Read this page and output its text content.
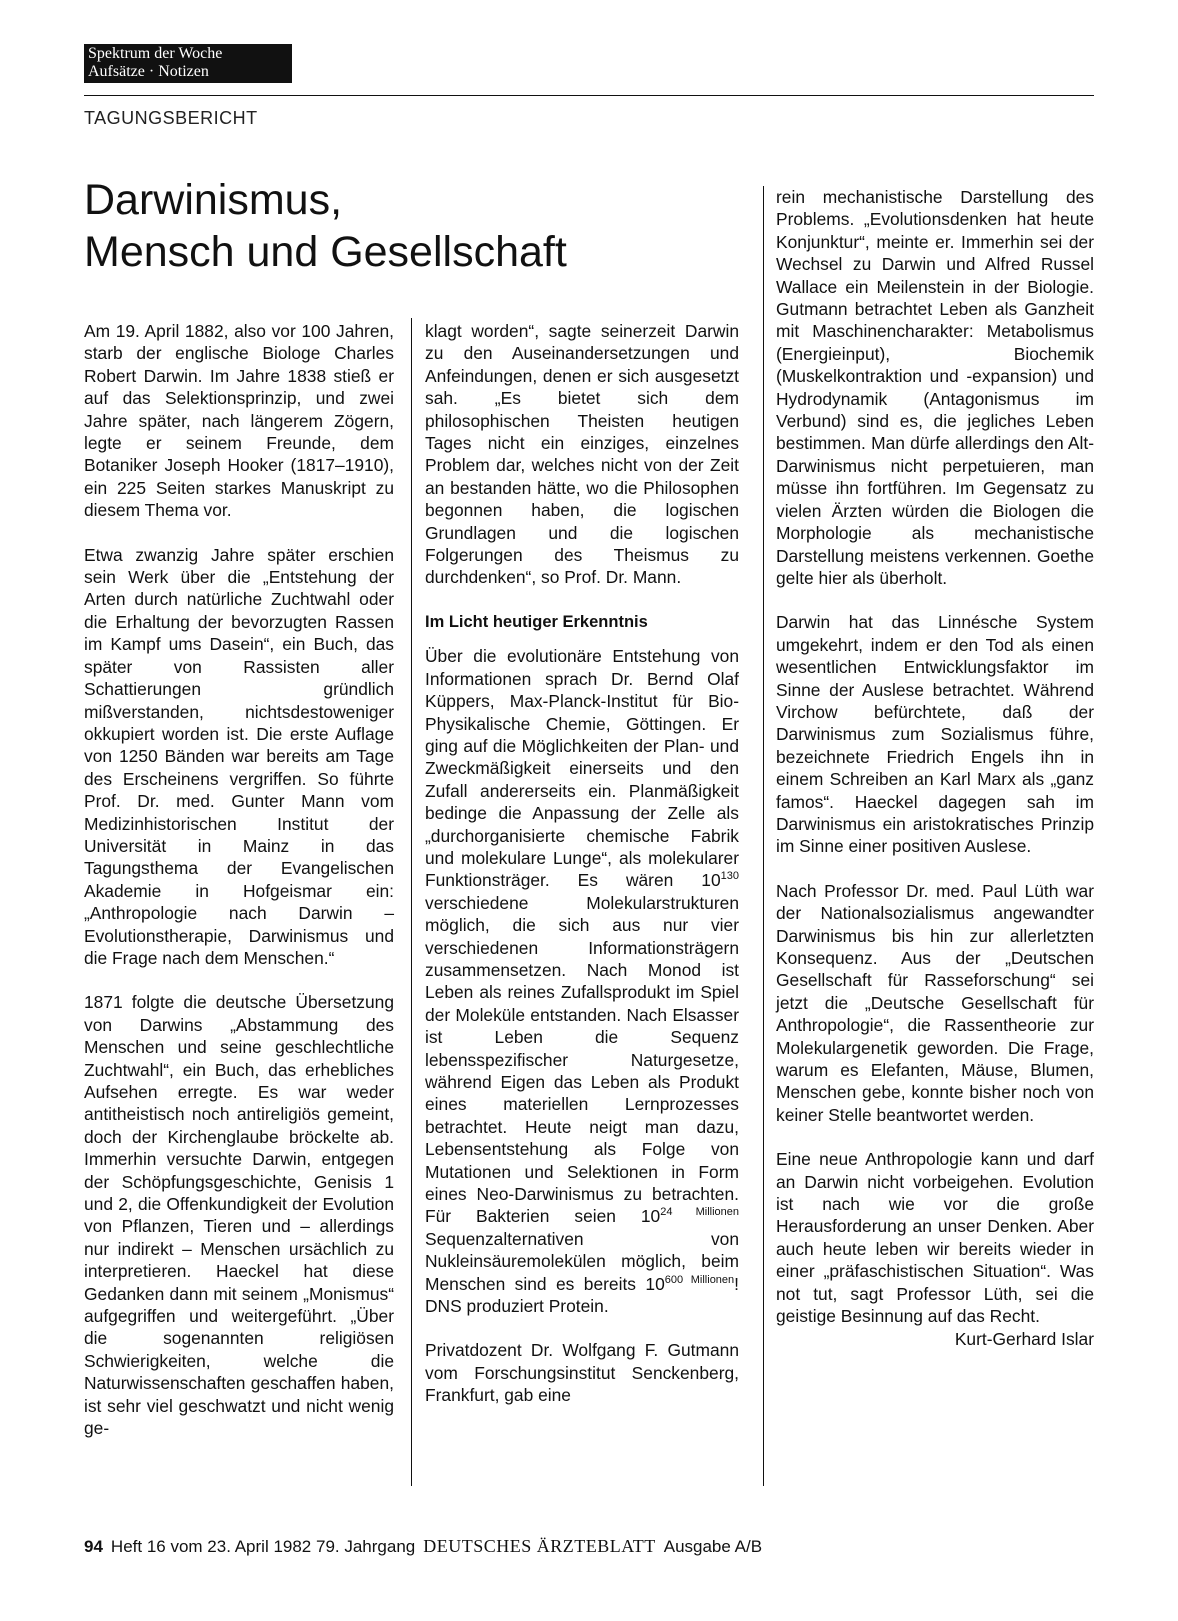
Spektrum der Woche
Aufsätze · Notizen
TAGUNGSBERICHT
Darwinismus,
Mensch und Gesellschaft

Am 19. April 1882, also vor 100 Jahren, starb der englische Biologe Charles Robert Darwin. Im Jahre 1838 stieß er auf das Selektionsprinzip, und zwei Jahre später, nach längerem Zögern, legte er seinem Freunde, dem Botaniker Joseph Hooker (1817–1910), ein 225 Seiten starkes Manuskript zu diesem Thema vor.

Etwa zwanzig Jahre später erschien sein Werk über die „Entstehung der Arten durch natürliche Zuchtwahl oder die Erhaltung der bevorzugten Rassen im Kampf ums Dasein“, ein Buch, das später von Rassisten aller Schattierungen gründlich mißverstanden, nichtsdestoweniger okkupiert worden ist. Die erste Auflage von 1250 Bänden war bereits am Tage des Erscheinens vergriffen. So führte Prof. Dr. med. Gunter Mann vom Medizinhistorischen Institut der Universität in Mainz in das Tagungsthema der Evangelischen Akademie in Hofgeismar ein: „Anthropologie nach Darwin – Evolutionstherapie, Darwinismus und die Frage nach dem Menschen.“

1871 folgte die deutsche Übersetzung von Darwins „Abstammung des Menschen und seine geschlechtliche Zuchtwahl“, ein Buch, das erhebliches Aufsehen erregte. Es war weder antitheistisch noch antireligiös gemeint, doch der Kirchenglaube bröckelte ab. Immerhin versuchte Darwin, entgegen der Schöpfungsgeschichte, Genisis 1 und 2, die Offenkundigkeit der Evolution von Pflanzen, Tieren und – allerdings nur indirekt – Menschen ursächlich zu interpretieren. Haeckel hat diese Gedanken dann mit seinem „Monismus“ aufgegriffen und weitergeführt. „Über die sogenannten religiösen Schwierigkeiten, welche die Naturwissenschaften geschaffen haben, ist sehr viel geschwatzt und nicht wenig ge-

klagt worden“, sagte seinerzeit Darwin zu den Auseinandersetzungen und Anfeindungen, denen er sich ausgesetzt sah. „Es bietet sich dem philosophischen Theisten heutigen Tages nicht ein einziges, einzelnes Problem dar, welches nicht von der Zeit an bestanden hätte, wo die Philosophen begonnen haben, die logischen Grundlagen und die logischen Folgerungen des Theismus zu durchdenken“, so Prof. Dr. Mann.

Im Licht heutiger Erkenntnis

Über die evolutionäre Entstehung von Informationen sprach Dr. Bernd Olaf Küppers, Max-Planck-Institut für Bio-Physikalische Chemie, Göttingen. Er ging auf die Möglichkeiten der Plan- und Zweckmäßigkeit einerseits und den Zufall andererseits ein. Planmäßigkeit bedinge die Anpassung der Zelle als „durchorganisierte chemische Fabrik und molekulare Lunge“, als molekularer Funktionsträger. Es wären $10^{130}$ verschiedene Molekularstrukturen möglich, die sich aus nur vier verschiedenen Informationsträgern zusammensetzen. Nach Monod ist Leben als reines Zufallsprodukt im Spiel der Moleküle entstanden. Nach Elsasser ist Leben die Sequenz lebensspezifischer Naturgesetze, während Eigen das Leben als Produkt eines materiellen Lernprozesses betrachtet. Heute neigt man dazu, Lebensentstehung als Folge von Mutationen und Selektionen in Form eines Neo-Darwinismus zu betrachten. Für Bakterien seien $10^{24 Millionen}$ Sequenzalternativen von Nukleinsäuremolekülen möglich, beim Menschen sind es bereits $10^{600 Millionen}$! DNS produziert Protein.

Privatdozent Dr. Wolfgang F. Gutmann vom Forschungsinstitut Senckenberg, Frankfurt, gab eine

rein mechanistische Darstellung des Problems. „Evolutionsdenken hat heute Konjunktur“, meinte er. Immerhin sei der Wechsel zu Darwin und Alfred Russel Wallace ein Meilenstein in der Biologie. Gutmann betrachtet Leben als Ganzheit mit Maschinencharakter: Metabolismus (Energieinput), Biochemik (Muskelkontraktion und -expansion) und Hydrodynamik (Antagonismus im Verbund) sind es, die jegliches Leben bestimmen. Man dürfe allerdings den Alt-Darwinismus nicht perpetuieren, man müsse ihn fortführen. Im Gegensatz zu vielen Ärzten würden die Biologen die Morphologie als mechanistische Darstellung meistens verkennen. Goethe gelte hier als überholt.

Darwin hat das Linnésche System umgekehrt, indem er den Tod als einen wesentlichen Entwicklungsfaktor im Sinne der Auslese betrachtet. Während Virchow befürchtete, daß der Darwinismus zum Sozialismus führe, bezeichnete Friedrich Engels ihn in einem Schreiben an Karl Marx als „ganz famos“. Haeckel dagegen sah im Darwinismus ein aristokratisches Prinzip im Sinne einer positiven Auslese.

Nach Professor Dr. med. Paul Lüth war der Nationalsozialismus angewandter Darwinismus bis hin zur allerletzten Konsequenz. Aus der „Deutschen Gesellschaft für Rasseforschung“ sei jetzt die „Deutsche Gesellschaft für Anthropologie“, die Rassentheorie zur Molekulargenetik geworden. Die Frage, warum es Elefanten, Mäuse, Blumen, Menschen gebe, konnte bisher noch von keiner Stelle beantwortet werden.

Eine neue Anthropologie kann und darf an Darwin nicht vorbeigehen. Evolution ist nach wie vor die große Herausforderung an unser Denken. Aber auch heute leben wir bereits wieder in einer „präfaschistischen Situation“. Was not tut, sagt Professor Lüth, sei die geistige Besinnung auf das Recht.
Kurt-Gerhard Islar

94 Heft 16 vom 23. April 1982 79. Jahrgang DEUTSCHES ÄRZTEBLATT Ausgabe A/B
